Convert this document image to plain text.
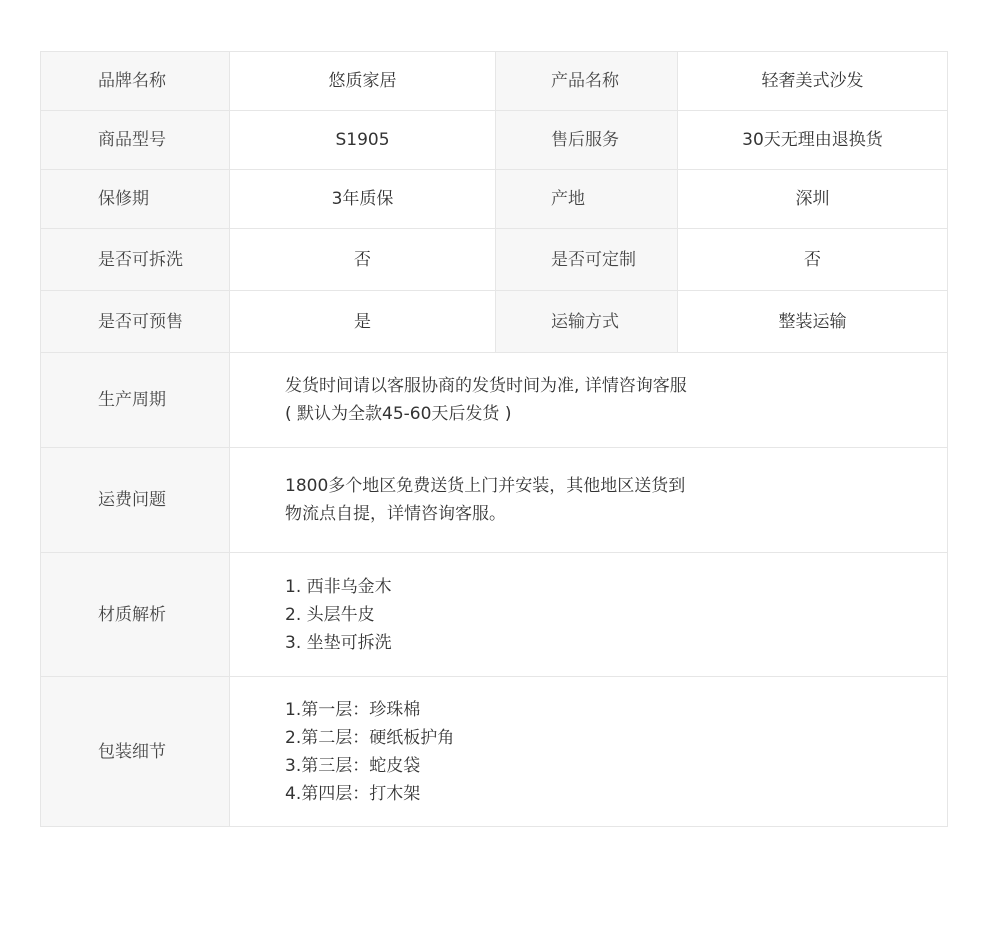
品牌名称	悠质家居	产品名称	轻奢美式沙发
商品型号	S1905	售后服务	30天无理由退换货
保修期	3年质保	产地	深圳
是否可拆洗	否	是否可定制	否
是否可预售	是	运输方式	整装运输
生产周期	发货时间请以客服协商的发货时间为准, 详情咨询客服
( 默认为全款45-60天后发货 )		

运费问题	1800多个地区免费送货上门并安装，其他地区送货到
物流点自提，详情咨询客服。		

材质解析	1. 西非乌金木
2. 头层牛皮
3. 坐垫可拆洗		

包装细节	1.第一层：珍珠棉
2.第二层：硬纸板护角
3.第三层：蛇皮袋
4.第四层：打木架		
